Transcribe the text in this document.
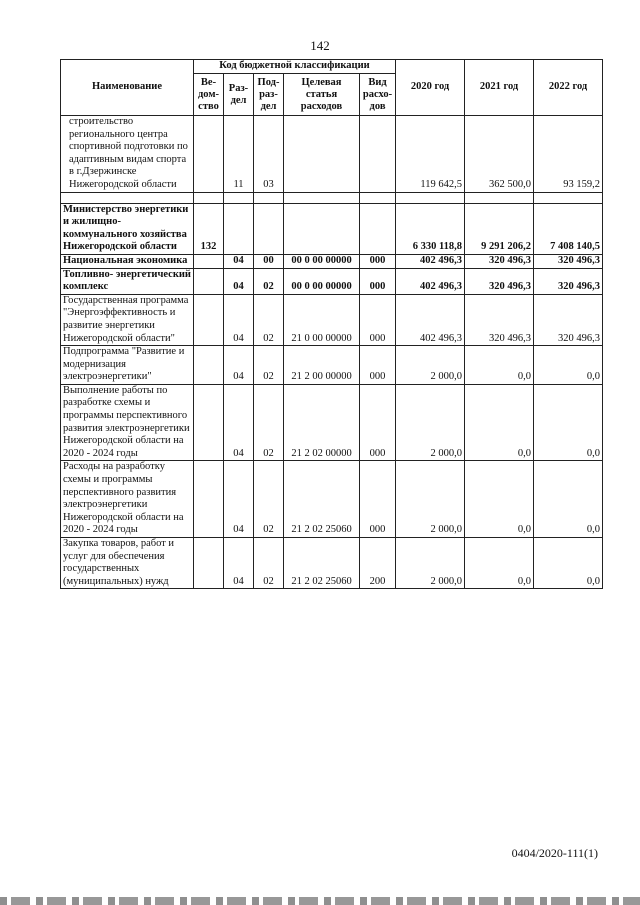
142
Наименование	Код бюджетной классификации					2020 год	2021 год	2022 год
	Ве- дом- ство	Раз- дел	Под- раз- дел	Целевая статья расходов	Вид расхо- дов			
строительство регионального центра спортивной подготовки по адаптивным видам спорта в г.Дзержинске Нижегородской области		11	03			119 642,5	362 500,0	93 159,2

Министерство энергетики и жилищно- коммунального хозяйства Нижегородской области	132					6 330 118,8	9 291 206,2	7 408 140,5
Национальная экономика		04	00	00 0 00 00000	000	402 496,3	320 496,3	320 496,3
Топливно- энергетический комплекс		04	02	00 0 00 00000	000	402 496,3	320 496,3	320 496,3
Государственная программа "Энергоэффективность и развитие энергетики Нижегородской области"		04	02	21 0 00 00000	000	402 496,3	320 496,3	320 496,3
Подпрограмма "Развитие и модернизация электроэнергетики"		04	02	21 2 00 00000	000	2 000,0	0,0	0,0
Выполнение работы по разработке схемы и программы перспективного развития электроэнергетики Нижегородской области на 2020 - 2024 годы		04	02	21 2 02 00000	000	2 000,0	0,0	0,0
Расходы на разработку схемы и программы перспективного развития электроэнергетики Нижегородской области на 2020 - 2024 годы		04	02	21 2 02 25060	000	2 000,0	0,0	0,0
Закупка товаров, работ и услуг для обеспечения государственных (муниципальных) нужд		04	02	21 2 02 25060	200	2 000,0	0,0	0,0
0404/2020-111(1)
